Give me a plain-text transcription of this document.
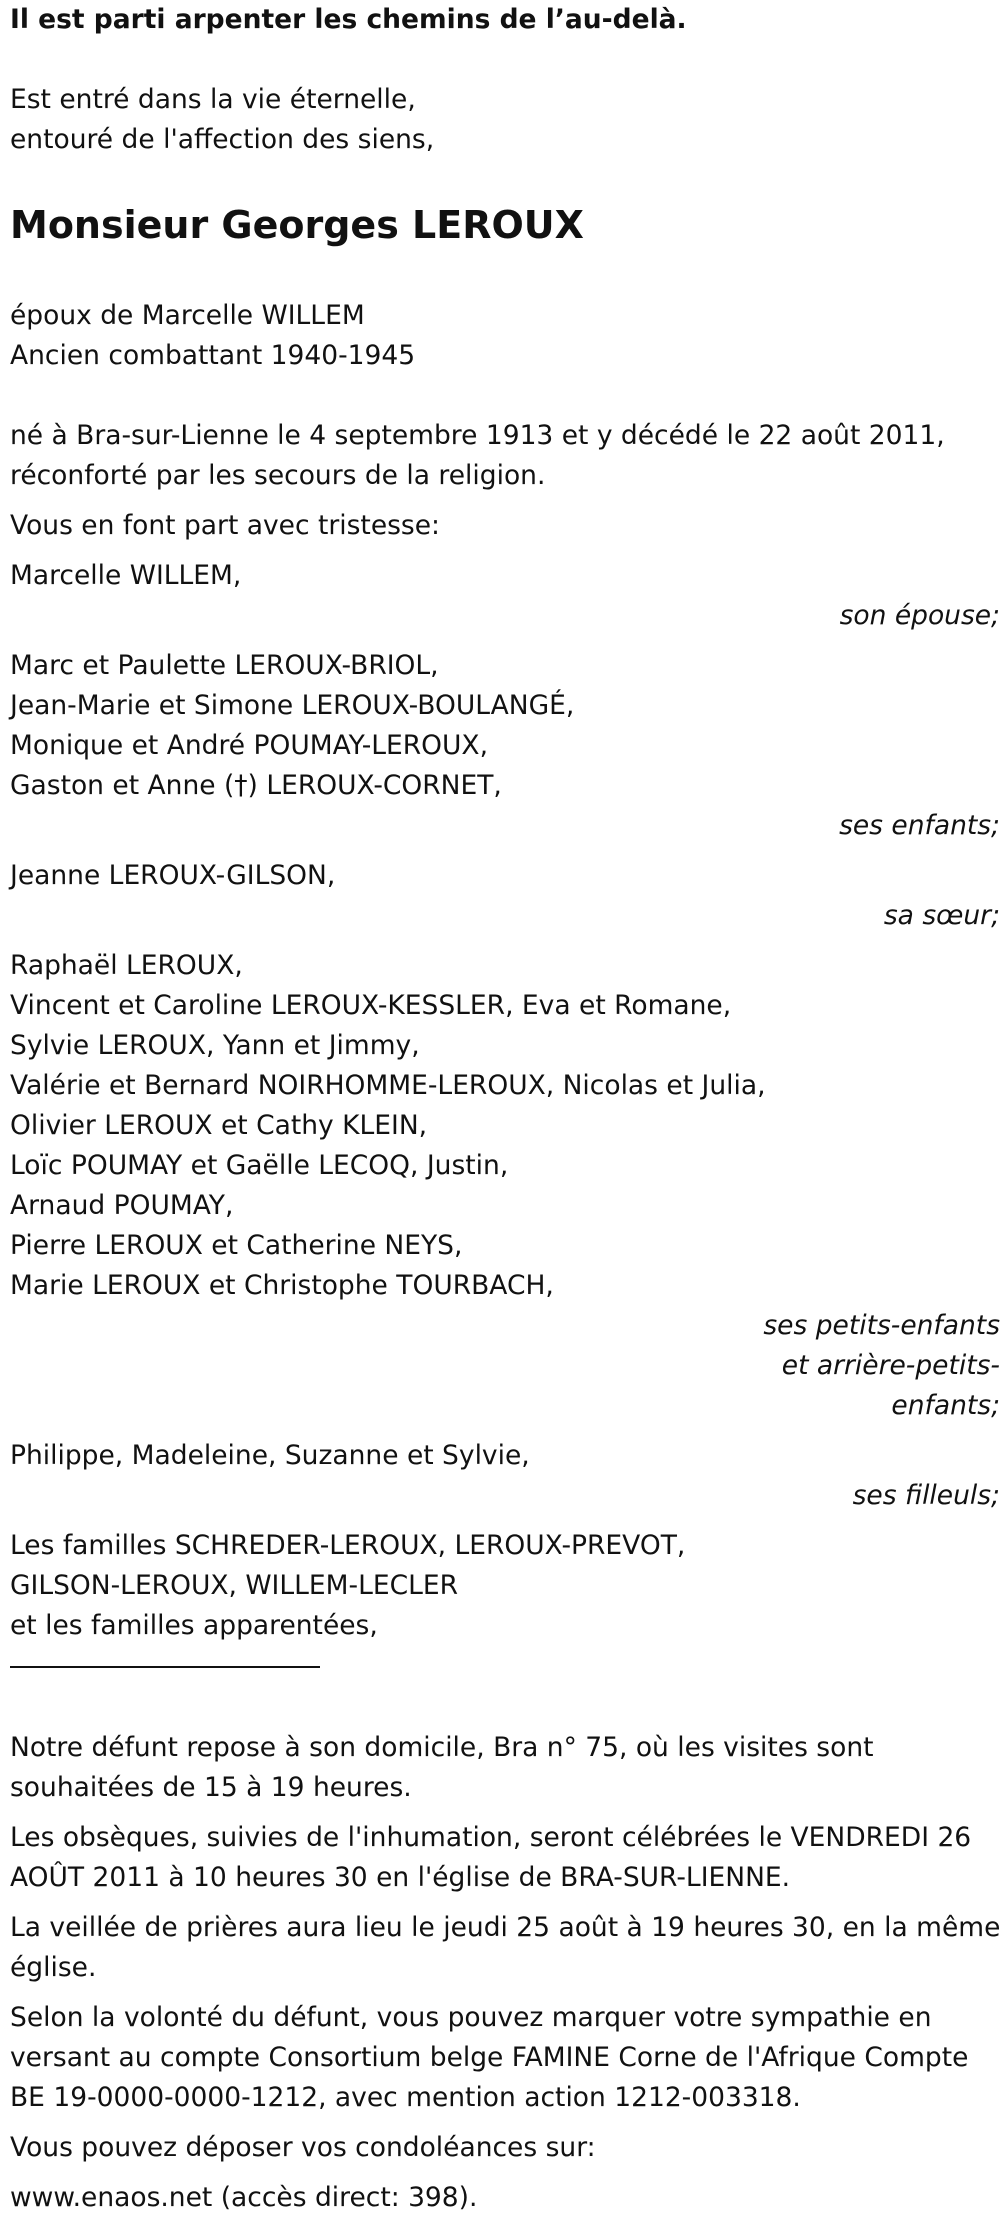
Il est parti arpenter les chemins de l’au-delà.

Est entré dans la vie éternelle,

entouré de l'affection des siens,

Monsieur Georges LEROUX

époux de Marcelle WILLEM

Ancien combattant 1940-1945

né à Bra-sur-Lienne le 4 septembre 1913 et y décédé le 22 août 2011,

réconforté par les secours de la religion.

Vous en font part avec tristesse:

Marcelle WILLEM,

son épouse;

Marc et Paulette LEROUX-BRIOL,

Jean-Marie et Simone LEROUX-BOULANGÉ,

Monique et André POUMAY-LEROUX,

Gaston et Anne (†) LEROUX-CORNET,

ses enfants;

Jeanne LEROUX-GILSON,

sa sœur;

Raphaël LEROUX,

Vincent et Caroline LEROUX-KESSLER, Eva et Romane,

Sylvie LEROUX, Yann et Jimmy,

Valérie et Bernard NOIRHOMME-LEROUX, Nicolas et Julia,

Olivier LEROUX et Cathy KLEIN,

Loïc POUMAY et Gaëlle LECOQ, Justin,

Arnaud POUMAY,

Pierre LEROUX et Catherine NEYS,

Marie LEROUX et Christophe TOURBACH,

ses petits-enfants

et arrière-petits-

enfants;

Philippe, Madeleine, Suzanne et Sylvie,

ses filleuls;

Les familles SCHREDER-LEROUX, LEROUX-PREVOT,

GILSON-LEROUX, WILLEM-LECLER

et les familles apparentées,

Notre défunt repose à son domicile, Bra n° 75, où les visites sont

souhaitées de 15 à 19 heures.

Les obsèques, suivies de l'inhumation, seront célébrées le VENDREDI 26

AOÛT 2011 à 10 heures 30 en l'église de BRA-SUR-LIENNE.

La veillée de prières aura lieu le jeudi 25 août à 19 heures 30, en la même

église.

Selon la volonté du défunt, vous pouvez marquer votre sympathie en

versant au compte Consortium belge FAMINE Corne de l'Afrique Compte

BE 19-0000-0000-1212, avec mention action 1212-003318.

Vous pouvez déposer vos condoléances sur:

www.enaos.net (accès direct: 398).
